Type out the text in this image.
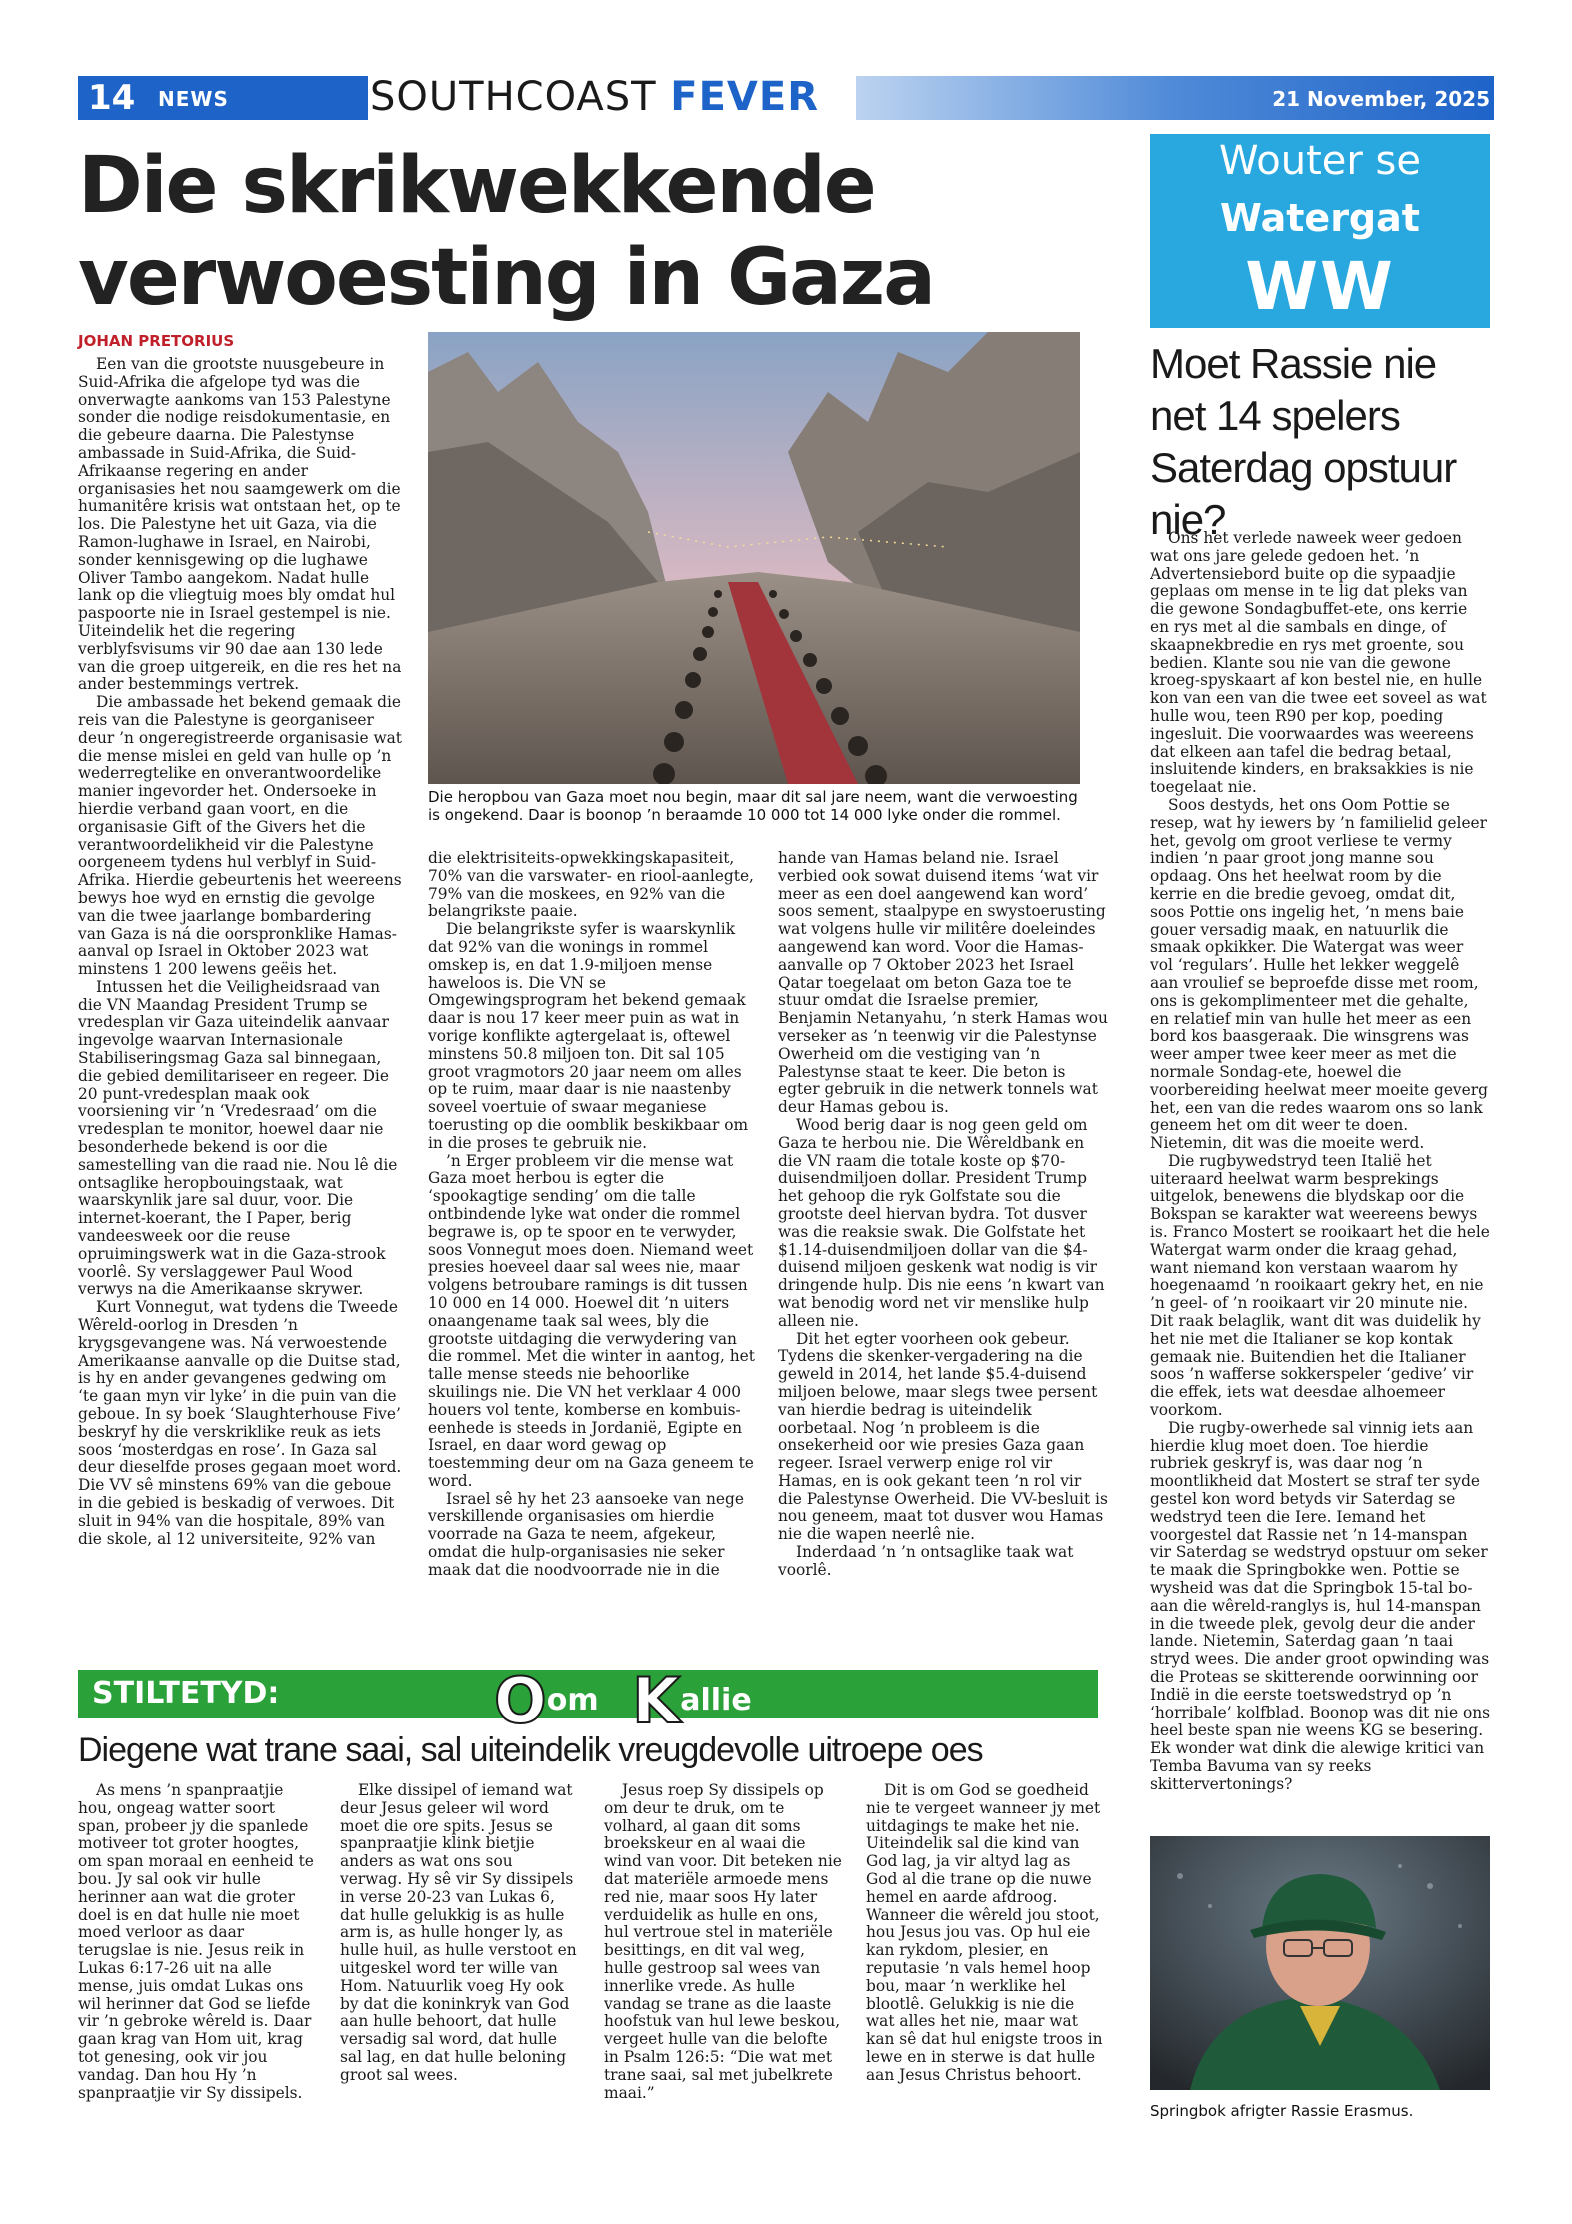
14 NEWS	SOUTHCOAST FEVER	21 November, 2025
Die skrikwekkende
verwoesting in Gaza
JOHAN PRETORIUS

Een van die grootste nuusgebeure in Suid-Afrika die afgelope tyd was die onverwagte aankoms van 153 Palestyne sonder die nodige reisdokumentasie, en die gebeure daarna. Die Palestynse ambassade in Suid-Afrika, die Suid-Afrikaanse regering en ander organisasies het nou saamgewerk om die humanitêre krisis wat ontstaan het, op te los. Die Palestyne het uit Gaza, via die Ramon-lughawe in Israel, en Nairobi, sonder kennisgewing op die lughawe Oliver Tambo aangekom. Nadat hulle lank op die vliegtuig moes bly omdat hul paspoorte nie in Israel gestempel is nie. Uiteindelik het die regering verblyfsvisums vir 90 dae aan 130 lede van die groep uitgereik, en die res het na ander bestemmings vertrek.

Die ambassade het bekend gemaak die reis van die Palestyne is georganiseer deur ’n ongeregistreerde organisasie wat die mense mislei en geld van hulle op ’n wederregtelike en onverantwoordelike manier ingevorder het. Ondersoeke in hierdie verband gaan voort, en die organisasie Gift of the Givers het die verantwoordelikheid vir die Palestyne oorgeneem tydens hul verblyf in Suid-Afrika. Hierdie gebeurtenis het weereens bewys hoe wyd en ernstig die gevolge van die twee jaarlange bombardering van Gaza is ná die oorspronklike Hamas-aanval op Israel in Oktober 2023 wat minstens 1 200 lewens geëis het.

Intussen het die Veiligheidsraad van die VN Maandag President Trump se vredesplan vir Gaza uiteindelik aanvaar ingevolge waarvan Internasionale Stabiliseringsmag Gaza sal binnegaan, die gebied demilitariseer en regeer. Die 20 punt-vredesplan maak ook voorsiening vir ’n ‘Vredesraad’ om die vredesplan te monitor, hoewel daar nie besonderhede bekend is oor die samestelling van die raad nie. Nou lê die ontsaglike heropbouingstaak, wat waarskynlik jare sal duur, voor. Die internet-koerant, the I Paper, berig vandeesweek oor die reuse opruimingswerk wat in die Gaza-strook voorlê. Sy verslaggewer Paul Wood verwys na die Amerikaanse skrywer.

Kurt Vonnegut, wat tydens die Tweede Wêreld-oorlog in Dresden ’n krygsgevangene was. Ná verwoestende Amerikaanse aanvalle op die Duitse stad, is hy en ander gevangenes gedwing om ‘te gaan myn vir lyke’ in die puin van die geboue. In sy boek ‘Slaughterhouse Five’ beskryf hy die verskriklike reuk as iets soos ‘mosterdgas en rose’. In Gaza sal deur dieselfde proses gegaan moet word. Die VV sê minstens 69% van die geboue in die gebied is beskadig of verwoes. Dit sluit in 94% van die hospitale, 89% van die skole, al 12 universiteite, 92% van

Die heropbou van Gaza moet nou begin, maar dit sal jare neem, want die verwoesting is ongekend. Daar is boonop ’n beraamde 10 000 tot 14 000 lyke onder die rommel.

die elektrisiteits-opwekkingskapasiteit, 70% van die varswater- en riool-aanlegte, 79% van die moskees, en 92% van die belangrikste paaie.

Die belangrikste syfer is waarskynlik dat 92% van die wonings in rommel omskep is, en dat 1.9-miljoen mense haweloos is. Die VN se Omgewingsprogram het bekend gemaak daar is nou 17 keer meer puin as wat in vorige konflikte agtergelaat is, oftewel minstens 50.8 miljoen ton. Dit sal 105 groot vragmotors 20 jaar neem om alles op te ruim, maar daar is nie naastenby soveel voertuie of swaar meganiese toerusting op die oomblik beskikbaar om in die proses te gebruik nie.

’n Erger probleem vir die mense wat Gaza moet herbou is egter die ‘spookagtige sending’ om die talle ontbindende lyke wat onder die rommel begrawe is, op te spoor en te verwyder, soos Vonnegut moes doen. Niemand weet presies hoeveel daar sal wees nie, maar volgens betroubare ramings is dit tussen 10 000 en 14 000. Hoewel dit ’n uiters onaangename taak sal wees, bly die grootste uitdaging die verwydering van die rommel. Met die winter in aantog, het talle mense steeds nie behoorlike skuilings nie. Die VN het verklaar 4 000 houers vol tente, komberse en kombuis-eenhede is steeds in Jordanië, Egipte en Israel, en daar word gewag op toestemming deur om na Gaza geneem te word.

Israel sê hy het 23 aansoeke van nege verskillende organisasies om hierdie voorrade na Gaza te neem, afgekeur, omdat die hulp-organisasies nie seker maak dat die noodvoorrade nie in die

hande van Hamas beland nie. Israel verbied ook sowat duisend items ‘wat vir meer as een doel aangewend kan word’ soos sement, staalpype en swystoerusting wat volgens hulle vir militêre doeleindes aangewend kan word. Voor die Hamas-aanvalle op 7 Oktober 2023 het Israel Qatar toegelaat om beton Gaza toe te stuur omdat die Israelse premier, Benjamin Netanyahu, ’n sterk Hamas wou verseker as ’n teenwig vir die Palestynse Owerheid om die vestiging van ’n Palestynse staat te keer. Die beton is egter gebruik in die netwerk tonnels wat deur Hamas gebou is.

Wood berig daar is nog geen geld om Gaza te herbou nie. Die Wêreldbank en die VN raam die totale koste op $70-duisendmiljoen dollar. President Trump het gehoop die ryk Golfstate sou die grootste deel hiervan bydra. Tot dusver was die reaksie swak. Die Golfstate het $1.14-duisendmiljoen dollar van die $4-duisend miljoen geskenk wat nodig is vir dringende hulp. Dis nie eens ’n kwart van wat benodig word net vir menslike hulp alleen nie.

Dit het egter voorheen ook gebeur. Tydens die skenker-vergadering na die geweld in 2014, het lande $5.4-duisend miljoen belowe, maar slegs twee persent van hierdie bedrag is uiteindelik oorbetaal. Nog ’n probleem is die onsekerheid oor wie presies Gaza gaan regeer. Israel verwerp enige rol vir Hamas, en is ook gekant teen ’n rol vir die Palestynse Owerheid. Die VV-besluit is nou geneem, maat tot dusver wou Hamas nie die wapen neerlê nie.

Inderdaad ’n ’n ontsaglike taak wat voorlê.

Wouter se
Watergat
WW
Moet Rassie nie net 14 spelers Saterdag opstuur nie?

Ons het verlede naweek weer gedoen wat ons jare gelede gedoen het. ’n Advertensiebord buite op die sypaadjie geplaas om mense in te lig dat pleks van die gewone Sondagbuffet-ete, ons kerrie en rys met al die sambals en dinge, of skaapnekbredie en rys met groente, sou bedien. Klante sou nie van die gewone kroeg-spyskaart af kon bestel nie, en hulle kon van een van die twee eet soveel as wat hulle wou, teen R90 per kop, poeding ingesluit. Die voorwaardes was weereens dat elkeen aan tafel die bedrag betaal, insluitende kinders, en braksakkies is nie toegelaat nie.

Soos destyds, het ons Oom Pottie se resep, wat hy iewers by ’n familielid geleer het, gevolg om groot verliese te vermy indien ’n paar groot jong manne sou opdaag. Ons het heelwat room by die kerrie en die bredie gevoeg, omdat dit, soos Pottie ons ingelig het, ’n mens baie gouer versadig maak, en natuurlik die smaak opkikker. Die Watergat was weer vol ‘regulars’. Hulle het lekker weggelê aan vroulief se beproefde disse met room, ons is gekomplimenteer met die gehalte, en relatief min van hulle het meer as een bord kos baasgeraak. Die winsgrens was weer amper twee keer meer as met die normale Sondag-ete, hoewel die voorbereiding heelwat meer moeite geverg het, een van die redes waarom ons so lank geneem het om dit weer te doen. Nietemin, dit was die moeite werd.

Die rugbywedstryd teen Italië het uiteraard heelwat warm besprekings uitgelok, benewens die blydskap oor die Bokspan se karakter wat weereens bewys is. Franco Mostert se rooikaart het die hele Watergat warm onder die kraag gehad, want niemand kon verstaan waarom hy hoegenaamd ’n rooikaart gekry het, en nie ’n geel- of ’n rooikaart vir 20 minute nie. Dit raak belaglik, want dit was duidelik hy het nie met die Italianer se kop kontak gemaak nie. Buitendien het die Italianer soos ’n wafferse sokkerspeler ‘gedive’ vir die effek, iets wat deesdae alhoemeer voorkom.

Die rugby-owerhede sal vinnig iets aan hierdie klug moet doen. Toe hierdie rubriek geskryf is, was daar nog ’n moontlikheid dat Mostert se straf ter syde gestel kon word betyds vir Saterdag se wedstryd teen die Iere. Iemand het voorgestel dat Rassie net ’n 14-manspan vir Saterdag se wedstryd opstuur om seker te maak die Springbokke wen. Pottie se wysheid was dat die Springbok 15-tal bo-aan die wêreld-ranglys is, hul 14-manspan in die tweede plek, gevolg deur die ander lande. Nietemin, Saterdag gaan ’n taai stryd wees. Die ander groot opwinding was die Proteas se skitterende oorwinning oor Indië in die eerste toetswedstryd op ’n ‘horribale’ kolfblad. Boonop was dit nie ons heel beste span nie weens KG se besering. Ek wonder wat dink die alewige kritici van Temba Bavuma van sy reeks skittervertonings?

Springbok afrigter Rassie Erasmus.
STILTETYD:	Oom Kallie
Diegene wat trane saai, sal uiteindelik vreugdevolle uitroepe oes

As mens ’n spanpraatjie hou, ongeag watter soort span, probeer jy die spanlede motiveer tot groter hoogtes, om span moraal en eenheid te bou. Jy sal ook vir hulle herinner aan wat die groter doel is en dat hulle nie moet moed verloor as daar terugslae is nie. Jesus reik in Lukas 6:17-26 uit na alle mense, juis omdat Lukas ons wil herinner dat God se liefde vir ’n gebroke wêreld is. Daar gaan krag van Hom uit, krag tot genesing, ook vir jou vandag. Dan hou Hy ’n spanpraatjie vir Sy dissipels.

Elke dissipel of iemand wat deur Jesus geleer wil word moet die ore spits. Jesus se spanpraatjie klink bietjie anders as wat ons sou verwag. Hy sê vir Sy dissipels in verse 20-23 van Lukas 6, dat hulle gelukkig is as hulle arm is, as hulle honger ly, as hulle huil, as hulle verstoot en uitgeskel word ter wille van Hom. Natuurlik voeg Hy ook by dat die koninkryk van God aan hulle behoort, dat hulle versadig sal word, dat hulle sal lag, en dat hulle beloning groot sal wees.

Jesus roep Sy dissipels op om deur te druk, om te volhard, al gaan dit soms broekskeur en al waai die wind van voor. Dit beteken nie dat materiële armoede mens red nie, maar soos Hy later verduidelik as hulle en ons, hul vertroue stel in materiële besittings, en dit val weg, hulle gestroop sal wees van innerlike vrede. As hulle vandag se trane as die laaste hoofstuk van hul lewe beskou, vergeet hulle van die belofte in Psalm 126:5: “Die wat met trane saai, sal met jubelkrete maai.”

Dit is om God se goedheid nie te vergeet wanneer jy met uitdagings te make het nie. Uiteindelik sal die kind van God lag, ja vir altyd lag as God al die trane op die nuwe hemel en aarde afdroog. Wanneer die wêreld jou stoot, hou Jesus jou vas. Op hul eie kan rykdom, plesier, en reputasie ’n vals hemel hoop bou, maar ’n werklike hel blootlê. Gelukkig is nie die wat alles het nie, maar wat kan sê dat hul enigste troos in lewe en in sterwe is dat hulle aan Jesus Christus behoort.
